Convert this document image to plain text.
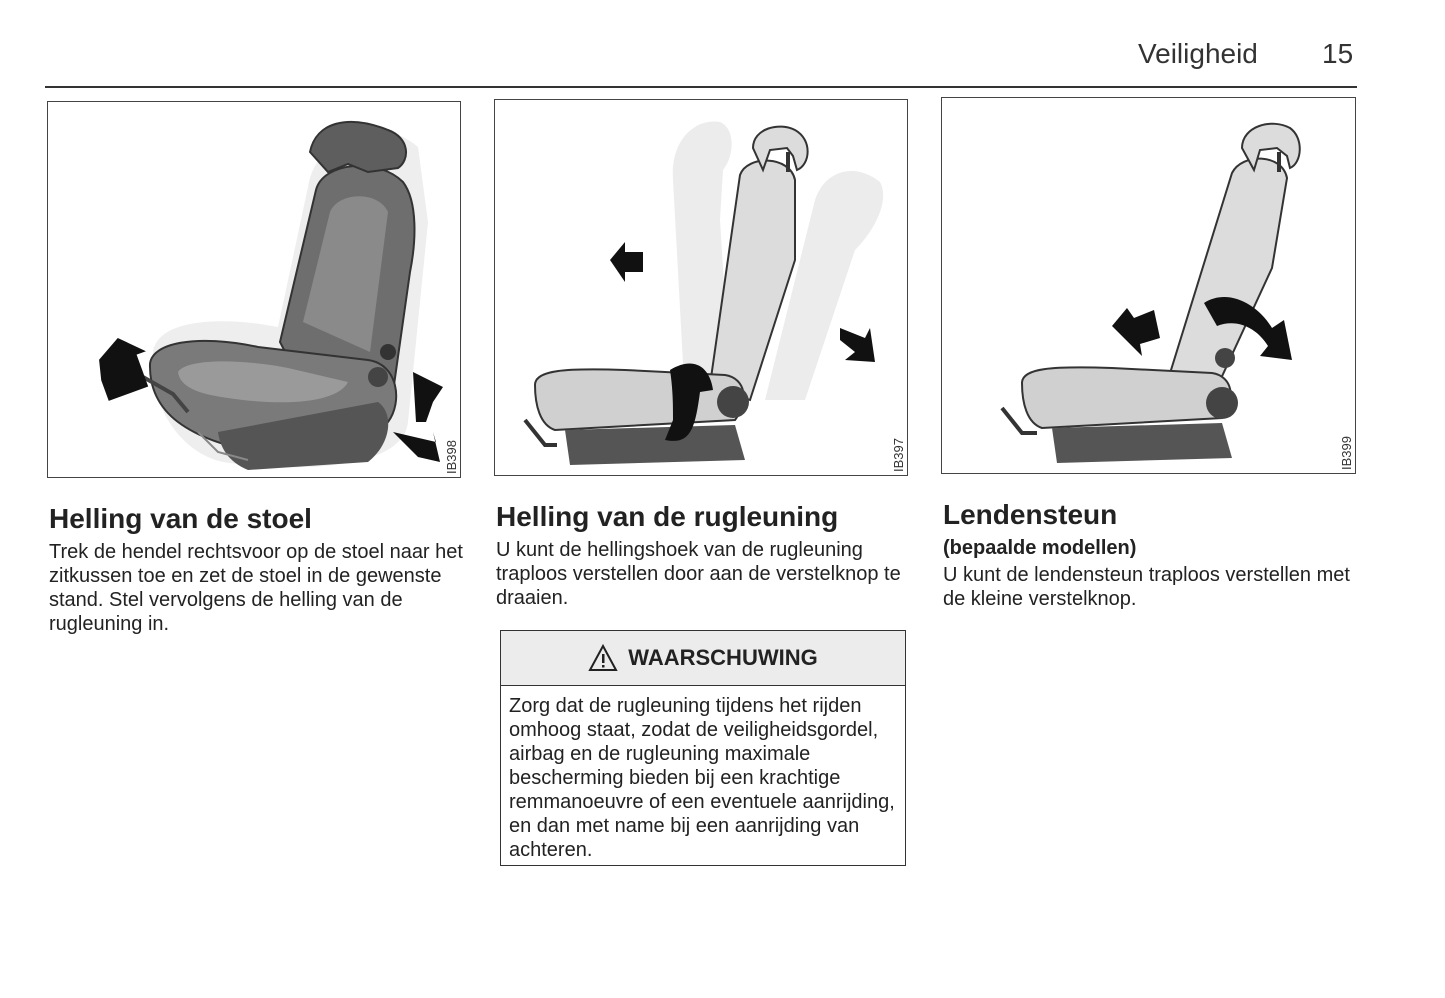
Veiligheid 15
IB398	IB397	IB399
Helling van de stoel

Trek de hendel rechtsvoor op de stoel naar het zitkussen toe en zet de stoel in de gewenste stand. Stel vervolgens de helling van de rugleuning in.

Helling van de rugleuning

U kunt de hellingshoek van de rugleuning traploos verstellen door aan de verstelknop te draaien.

Lendensteun
(bepaalde modellen)

U kunt de lendensteun traploos verstellen met de kleine verstelknop.

WAARSCHUWING

Zorg dat de rugleuning tijdens het rijden omhoog staat, zodat de veiligheidsgordel, airbag en de rugleuning maximale bescherming bieden bij een krachtige remmanoeuvre of een eventuele aanrijding, en dan met name bij een aanrijding van achteren.
